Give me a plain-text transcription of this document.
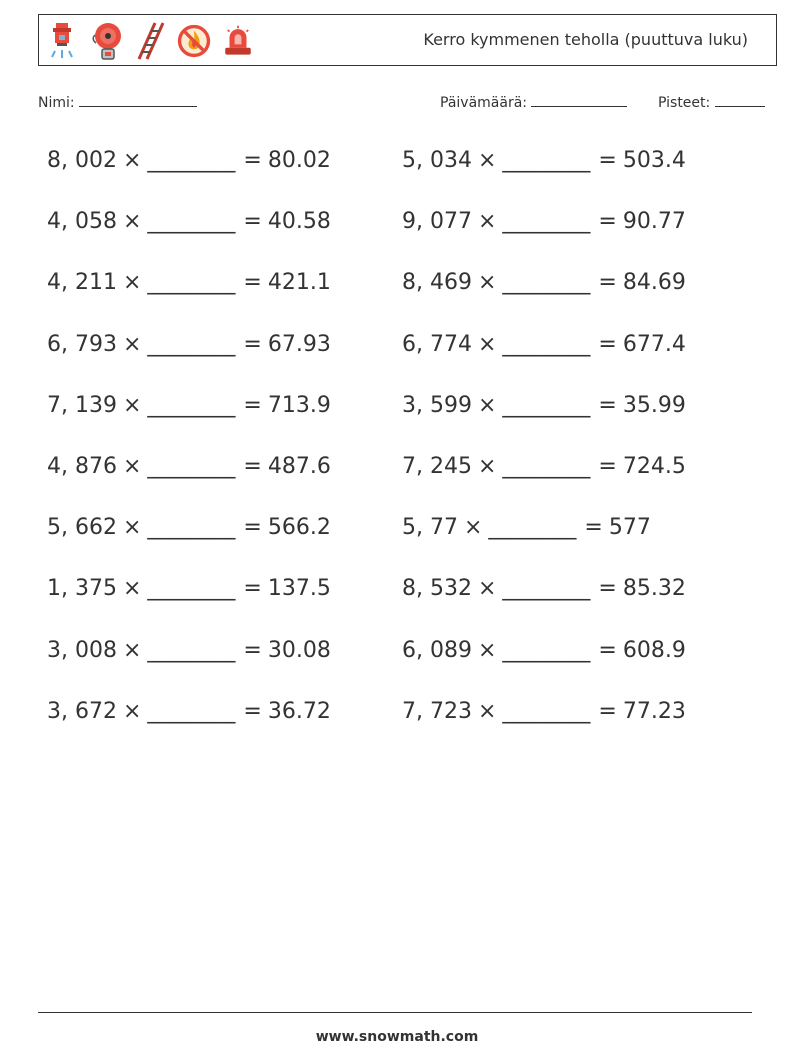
Kerro kymmenen teholla (puuttuva luku)
Nimi:	Päivämäärä:	Pisteet:
8, 002 × ________ = 80.02
4, 058 × ________ = 40.58
4, 211 × ________ = 421.1
6, 793 × ________ = 67.93
7, 139 × ________ = 713.9
4, 876 × ________ = 487.6
5, 662 × ________ = 566.2
1, 375 × ________ = 137.5
3, 008 × ________ = 30.08
3, 672 × ________ = 36.72
5, 034 × ________ = 503.4
9, 077 × ________ = 90.77
8, 469 × ________ = 84.69
6, 774 × ________ = 677.4
3, 599 × ________ = 35.99
7, 245 × ________ = 724.5
5, 77 × ________ = 577
8, 532 × ________ = 85.32
6, 089 × ________ = 608.9
7, 723 × ________ = 77.23
www.snowmath.com
